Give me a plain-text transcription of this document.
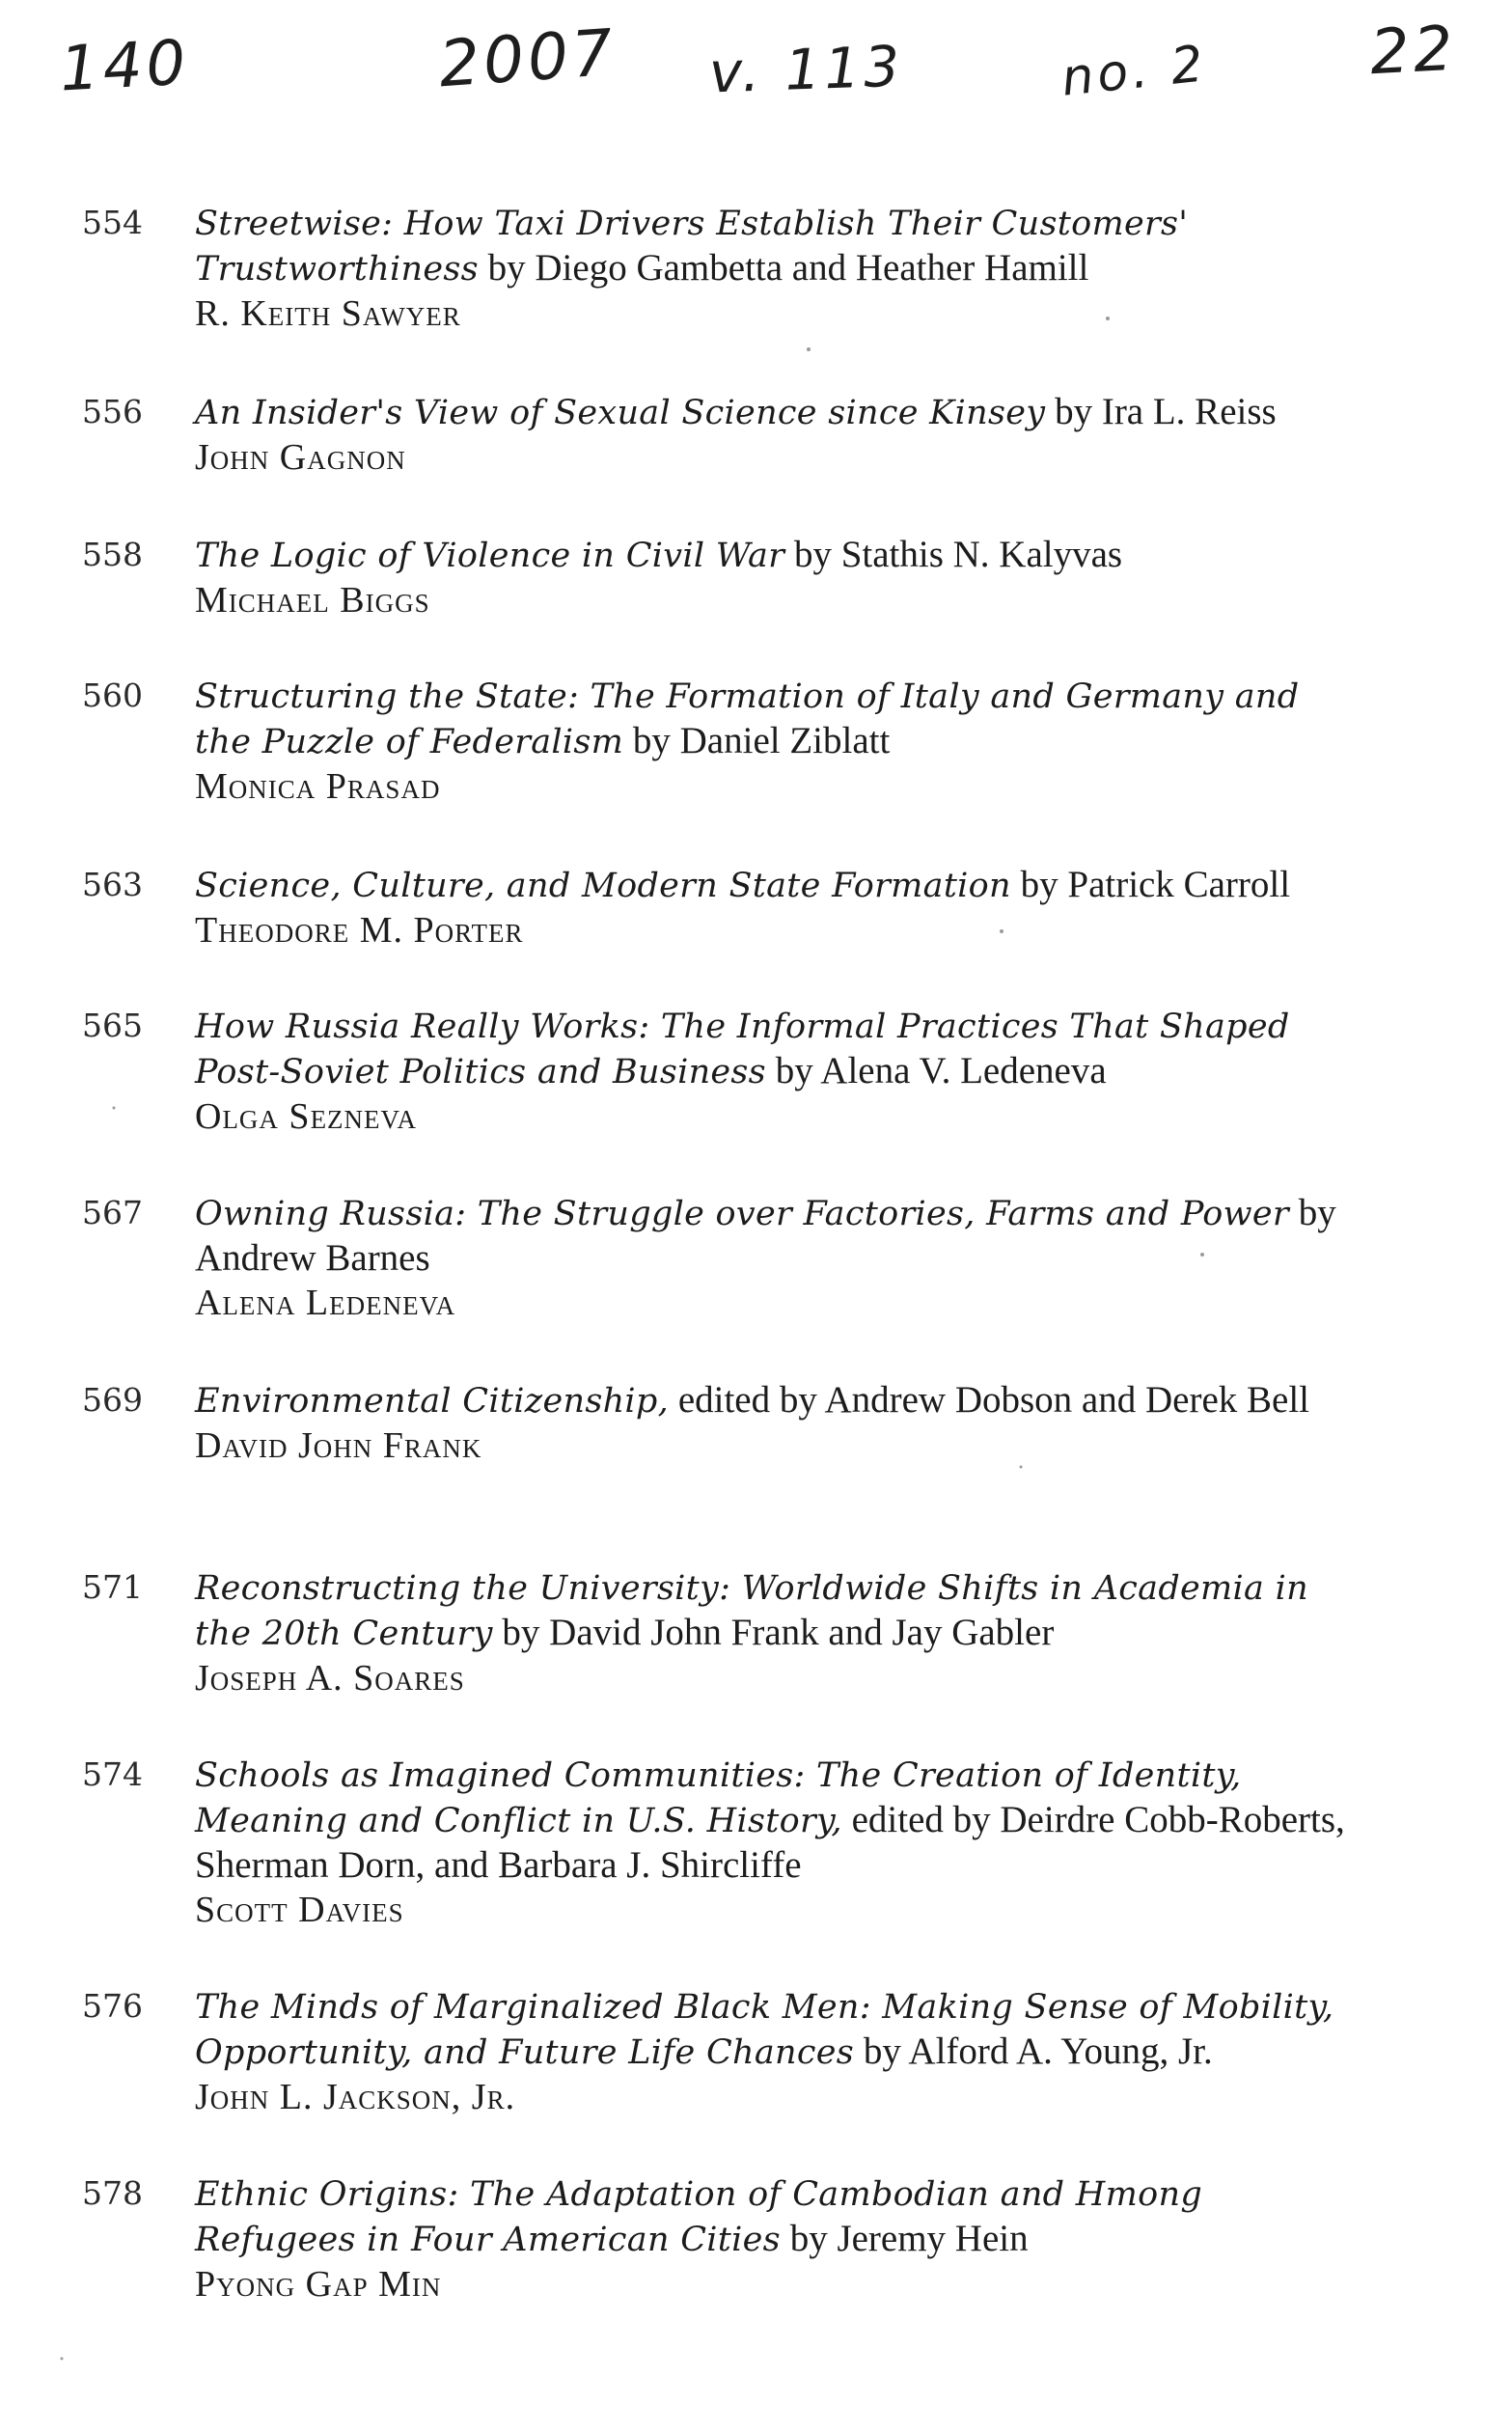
140	2007 v. 113	no. 2	22
554	Streetwise: How Taxi Drivers Establish Their Customers' Trustworthiness by Diego Gambetta and Heather Hamill
R. Keith Sawyer
556	An Insider's View of Sexual Science since Kinsey by Ira L. Reiss
John Gagnon
558	The Logic of Violence in Civil War by Stathis N. Kalyvas
Michael Biggs
560	Structuring the State: The Formation of Italy and Germany and the Puzzle of Federalism by Daniel Ziblatt
Monica Prasad
563	Science, Culture, and Modern State Formation by Patrick Carroll
Theodore M. Porter
565	How Russia Really Works: The Informal Practices That Shaped Post-Soviet Politics and Business by Alena V. Ledeneva
Olga Sezneva
567	Owning Russia: The Struggle over Factories, Farms and Power by Andrew Barnes
Alena Ledeneva
569	Environmental Citizenship, edited by Andrew Dobson and Derek Bell
David John Frank
571	Reconstructing the University: Worldwide Shifts in Academia in the 20th Century by David John Frank and Jay Gabler
Joseph A. Soares
574	Schools as Imagined Communities: The Creation of Identity, Meaning and Conflict in U.S. History, edited by Deirdre Cobb-Roberts, Sherman Dorn, and Barbara J. Shircliffe
Scott Davies
576	The Minds of Marginalized Black Men: Making Sense of Mobility, Opportunity, and Future Life Chances by Alford A. Young, Jr.
John L. Jackson, Jr.
578	Ethnic Origins: The Adaptation of Cambodian and Hmong Refugees in Four American Cities by Jeremy Hein
Pyong Gap Min
